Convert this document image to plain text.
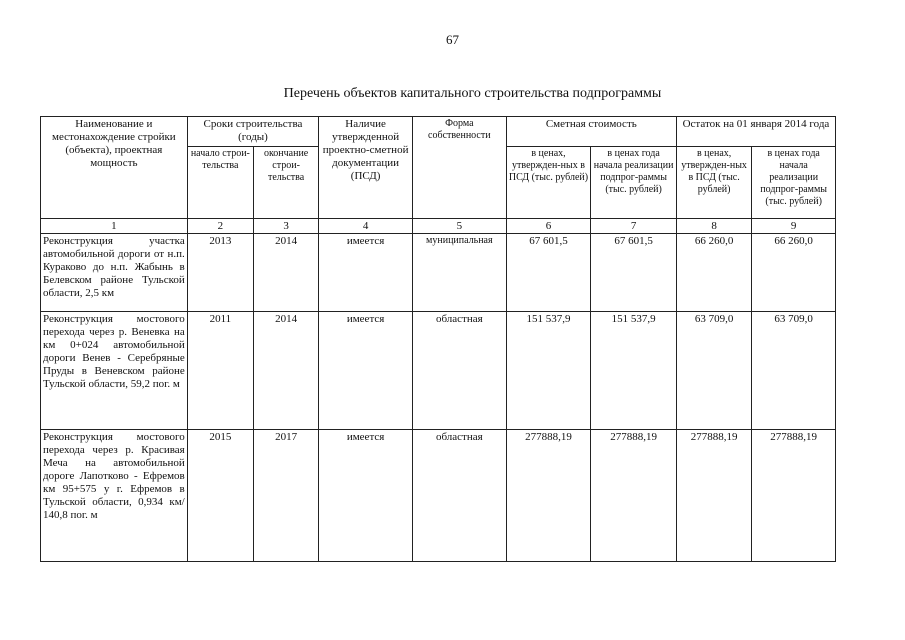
67
Перечень объектов капитального строительства подпрограммы
Наименование и местонахождение стройки (объекта), проектная мощность	Сроки строительства (годы)		Наличие утвержденной проектно-сметной документации (ПСД)	Форма собственности	Сметная стоимость		Остаток на 01 января 2014 года	
	начало строи-тельства	окончание строи-тельства			в ценах, утвержден-ных в ПСД (тыс. рублей)	в ценах года начала реализации подпрог-раммы (тыс. рублей)	в ценах, утвержден-ных в ПСД (тыс. рублей)	в ценах года начала реализации подпрог-раммы (тыс. рублей)
1	2	3	4	5	6	7	8	9
Реконструкция участка автомобильной дороги от н.п. Кураково до н.п. Жабынь в Белевском районе Тульской области, 2,5 км	2013	2014	имеется	муниципальная	67 601,5	67 601,5	66 260,0	66 260,0
Реконструкция мостового перехода через р. Веневка на км 0+024 автомобильной дороги Венев - Серебряные Пруды в Веневском районе Тульской области, 59,2 пог. м	2011	2014	имеется	областная	151 537,9	151 537,9	63 709,0	63 709,0
Реконструкция мостового перехода через р. Красивая Меча на автомобильной дороге Лапотково - Ефремов км 95+575 у г. Ефремов в Тульской области, 0,934 км/ 140,8 пог. м	2015	2017	имеется	областная	277888,19	277888,19	277888,19	277888,19
